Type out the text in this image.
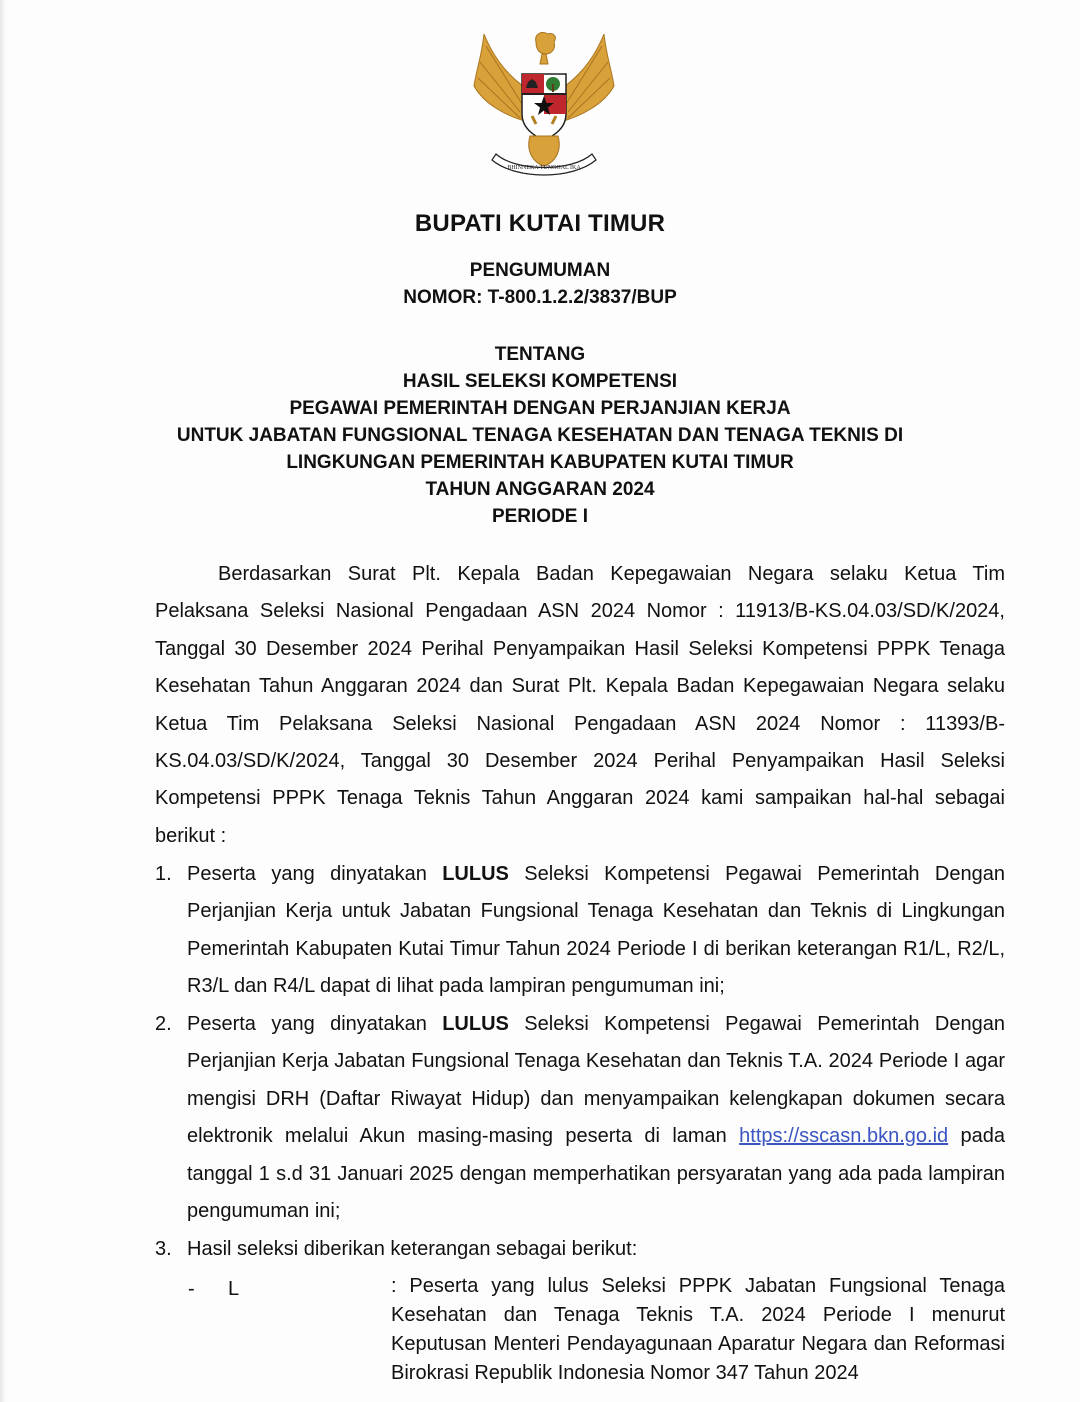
BHINNEKA TUNGGAL IKA
BUPATI KUTAI TIMUR
PENGUMUMAN
NOMOR: T-800.1.2.2/3837/BUP
TENTANG
HASIL SELEKSI KOMPETENSI
PEGAWAI PEMERINTAH DENGAN PERJANJIAN KERJA
UNTUK JABATAN FUNGSIONAL TENAGA KESEHATAN DAN TENAGA TEKNIS DI
LINGKUNGAN PEMERINTAH KABUPATEN KUTAI TIMUR
TAHUN ANGGARAN 2024
PERIODE I

Berdasarkan Surat Plt. Kepala Badan Kepegawaian Negara selaku Ketua Tim Pelaksana Seleksi Nasional Pengadaan ASN 2024 Nomor : 11913/B-KS.04.03/SD/K/2024, Tanggal 30 Desember 2024 Perihal Penyampaikan Hasil Seleksi Kompetensi PPPK Tenaga Kesehatan Tahun Anggaran 2024 dan Surat Plt. Kepala Badan Kepegawaian Negara selaku Ketua Tim Pelaksana Seleksi Nasional Pengadaan ASN 2024 Nomor : 11393/B-KS.04.03/SD/K/2024, Tanggal 30 Desember 2024 Perihal Penyampaikan Hasil Seleksi Kompetensi PPPK Tenaga Teknis Tahun Anggaran 2024 kami sampaikan hal-hal sebagai berikut :

1. Peserta yang dinyatakan LULUS Seleksi Kompetensi Pegawai Pemerintah Dengan Perjanjian Kerja untuk Jabatan Fungsional Tenaga Kesehatan dan Teknis di Lingkungan Pemerintah Kabupaten Kutai Timur Tahun 2024 Periode I di berikan keterangan R1/L, R2/L, R3/L dan R4/L dapat di lihat pada lampiran pengumuman ini;

2. Peserta yang dinyatakan LULUS Seleksi Kompetensi Pegawai Pemerintah Dengan Perjanjian Kerja Jabatan Fungsional Tenaga Kesehatan dan Teknis T.A. 2024 Periode I agar mengisi DRH (Daftar Riwayat Hidup) dan menyampaikan kelengkapan dokumen secara elektronik melalui Akun masing-masing peserta di laman https://sscasn.bkn.go.id pada tanggal 1 s.d 31 Januari 2025 dengan memperhatikan persyaratan yang ada pada lampiran pengumuman ini;

3. Hasil seleksi diberikan keterangan sebagai berikut:

- L	: Peserta yang lulus Seleksi PPPK Jabatan Fungsional Tenaga Kesehatan dan Tenaga Teknis T.A. 2024 Periode I menurut Keputusan Menteri Pendayagunaan Aparatur Negara dan Reformasi Birokrasi Republik Indonesia Nomor 347 Tahun 2024
